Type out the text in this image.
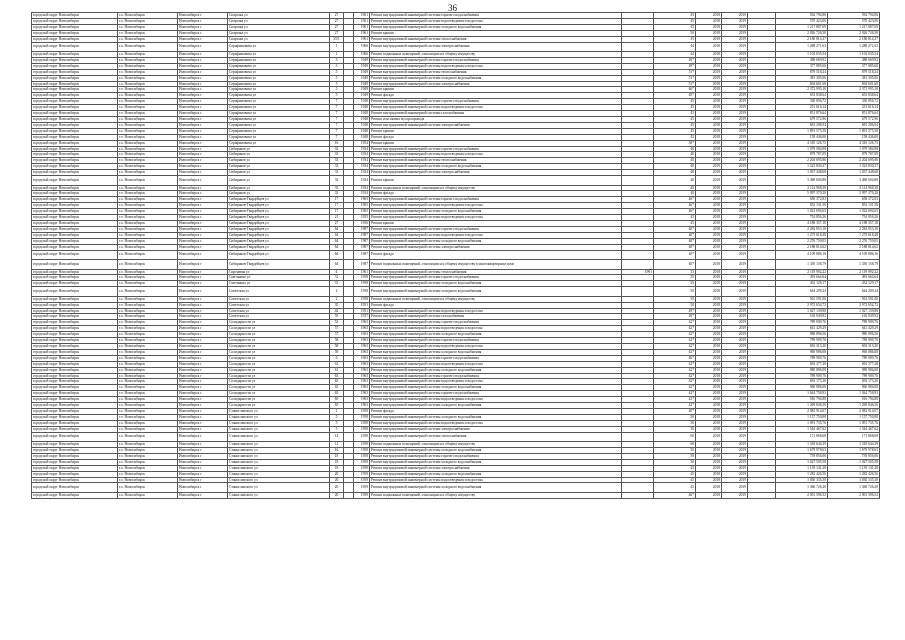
36
городской округ Новосибирск	г.о. Новосибирск	Новосибирск г	Спартака ул	27		1961	Ремонт внутридомовой инженерной системы горячего водоснабжения		45	2018	2019		592 794,86	592 794,86
городской округ Новосибирск	г.о. Новосибирск	Новосибирск г	Спартака ул	27		1961	Ремонт внутридомовой инженерной системы водоотведения и водостока		45	2018	2019		570 423,06	570 423,06
городской округ Новосибирск	г.о. Новосибирск	Новосибирск г	Спартака ул	27		1961	Ремонт внутридомовой инженерной системы холодного водоснабжения		45	2018	2019		1 217 887,69	1 217 887,69
городской округ Новосибирск	г.о. Новосибирск	Новосибирск г	Спартака ул	27		1961	Ремонт крыши		50	2018	2019		2 026 726,58	2 026 726,58
городской округ Новосибирск	г.о. Новосибирск	Новосибирск г	Спартака ул	35/1		1961	Ремонт внутридомовой инженерной системы теплоснабжения		35	2019	2019		2 180 814,37	2 180 814,37
городской округ Новосибирск	г.о. Новосибирск	Новосибирск г	Серафимовича ул	1		1966	Ремонт внутридомовой инженерной системы электроснабжения		44	2018	2019		1 288 271,63	1 288 271,63
городской округ Новосибирск	г.о. Новосибирск	Новосибирск г	Серафимовича ул	1		1966	Ремонт подвальных помещений, относящихся к общему имуществу		44	2018	2019		1 102 035,54	1 102 035,54
городской округ Новосибирск	г.о. Новосибирск	Новосибирск г	Серафимовича ул	3		1949	Ремонт внутридомовой инженерной системы горячего водоснабжения		49*	2018	2019		388 669,92	388 669,92
городской округ Новосибирск	г.о. Новосибирск	Новосибирск г	Серафимовича ул	3		1949	Ремонт внутридомовой инженерной системы водоотведения и водостока		49*	2018	2019		377 885,60	377 885,60
городской округ Новосибирск	г.о. Новосибирск	Новосибирск г	Серафимовича ул	5		1949	Ремонт внутридомовой инженерной системы теплоснабжения		51*	2019	2019		879 518,24	879 518,24
городской округ Новосибирск	г.о. Новосибирск	Новосибирск г	Серафимовича ул	5		1949	Ремонт внутридомовой инженерной системы холодного водоснабжения		51*	2019	2019		381 305,06	381 305,06
городской округ Новосибирск	г.о. Новосибирск	Новосибирск г	Серафимовича ул	5		1949	Ремонт внутридомовой инженерной системы электроснабжения		51*	2018	2019		694 601,68	694 601,68
городской округ Новосибирск	г.о. Новосибирск	Новосибирск г	Серафимовича ул	5		1949	Ремонт крыши		46*	2018	2019		2 372 995,10	2 372 995,10
городской округ Новосибирск	г.о. Новосибирск	Новосибирск г	Серафимовича ул	5		1949	Ремонт фасада		49*	2018	2019		653 838,64	653 838,64
городской округ Новосибирск	г.о. Новосибирск	Новосибирск г	Серафимовича ул	7		1948	Ремонт внутридомовой инженерной системы горячего водоснабжения		45	2018	2019		330 856,72	330 856,72
городской округ Новосибирск	г.о. Новосибирск	Новосибирск г	Серафимовича ул	7		1948	Ремонт внутридомовой инженерной системы водоотведения и водостока		45	2018	2019		251 616,14	251 616,14
городской округ Новосибирск	г.о. Новосибирск	Новосибирск г	Серафимовича ул	7		1948	Ремонт внутридомовой инженерной системы газоснабжения		45	2018	2019		851 876,64	851 876,64
городской округ Новосибирск	г.о. Новосибирск	Новосибирск г	Серафимовича ул	7		1948	Ремонт или замена мусоропровода		45	2018	2019		679 572,96	679 572,96
городской округ Новосибирск	г.о. Новосибирск	Новосибирск г	Серафимовича ул	7		1948	Ремонт внутридомовой инженерной системы электроснабжения		45	2018	2019		681 206,94	681 206,94
городской округ Новосибирск	г.о. Новосибирск	Новосибирск г	Серафимовича ул	7		1948	Ремонт крыши		45	2018	2019		1 891 575,58	1 891 575,58
городской округ Новосибирск	г.о. Новосибирск	Новосибирск г	Серафимовича ул	7		1948	Ремонт фасада		45	2018	2019		158 446,08	158 446,08
городской округ Новосибирск	г.о. Новосибирск	Новосибирск г	Серафимовича ул	16		1954	Ремонт крыши		30*	2018	2019		4 310 126,75	4 310 126,75
городской округ Новосибирск	г.о. Новосибирск	Новосибирск г	Сибиряков ул	33		1934	Ремонт внутридомовой инженерной системы горячего водоснабжения		40	2018	2019		1 079 584,98	1 079 584,98
городской округ Новосибирск	г.о. Новосибирск	Новосибирск г	Сибиряков ул	33		1934	Ремонт внутридомовой инженерной системы водоотведения и водостока		40	2018	2019		879 787,09	879 787,09
городской округ Новосибирск	г.о. Новосибирск	Новосибирск г	Сибиряков ул	33		1934	Ремонт внутридомовой инженерной системы теплоснабжения		40	2018	2019		2 204 695,86	2 204 695,86
городской округ Новосибирск	г.о. Новосибирск	Новосибирск г	Сибиряков ул	33		1934	Ремонт внутридомовой инженерной системы холодного водоснабжения		40	2019	2019		1 323 830,37	1 323 830,37
городской округ Новосибирск	г.о. Новосибирск	Новосибирск г	Сибиряков ул	33		1934	Ремонт внутридомовой инженерной системы электроснабжения		40	2018	2019		1 037 448,68	1 037 448,68
городской округ Новосибирск	г.о. Новосибирск	Новосибирск г	Сибиряков ул	33		1934	Ремонт крыши		40	2018	2019		3 468 604,80	3 468 604,80
городской округ Новосибирск	г.о. Новосибирск	Новосибирск г	Сибиряков ул	33		1934	Ремонт подвальных помещений, относящихся к общему имуществу		40	2018	2019		2 114 968,38	2 114 968,38
городской округ Новосибирск	г.о. Новосибирск	Новосибирск г	Сибиряков ул	33		1934	Ремонт фасада		40	2018	2019		5 997 370,28	5 997 370,28
городской округ Новосибирск	г.о. Новосибирск	Новосибирск г	Сибиряков-Гвардейцев ул	17		1965	Ремонт внутридомовой инженерной системы горячего водоснабжения		46*	2018	2019		658 372,83	658 372,83
городской округ Новосибирск	г.о. Новосибирск	Новосибирск г	Сибиряков-Гвардейцев ул	17		1965	Ремонт внутридомовой инженерной системы водоотведения и водостока		46*	2018	2019		852 131,56	852 131,56
городской округ Новосибирск	г.о. Новосибирск	Новосибирск г	Сибиряков-Гвардейцев ул	17		1965	Ремонт внутридомовой инженерной системы холодного водоснабжения		46*	2018	2019		1 022 694,65	1 022 694,65
городской округ Новосибирск	г.о. Новосибирск	Новосибирск г	Сибиряков-Гвардейцев ул	21		1955	Ремонт внутридомовой инженерной системы водоотведения и водостока		45	2018	2019		754 856,26	754 856,26
городской округ Новосибирск	г.о. Новосибирск	Новосибирск г	Сибиряков-Гвардейцев ул	27		1956	Ремонт крыши		45	2018	2019		4 188 357,18	4 188 357,18
городской округ Новосибирск	г.о. Новосибирск	Новосибирск г	Сибиряков-Гвардейцев ул	64		1987	Ремонт внутридомовой инженерной системы горячего водоснабжения		40*	2018	2019		2 284 853,18	2 284 853,18
городской округ Новосибирск	г.о. Новосибирск	Новосибирск г	Сибиряков-Гвардейцев ул	64		1987	Ремонт внутридомовой инженерной системы водоотведения и водостока		40*	2018	2019		1 275 618,48	1 275 618,48
городской округ Новосибирск	г.о. Новосибирск	Новосибирск г	Сибиряков-Гвардейцев ул	64		1987	Ремонт внутридомовой инженерной системы холодного водоснабжения		40*	2018	2019		2 276 759,05	2 276 759,05
городской округ Новосибирск	г.о. Новосибирск	Новосибирск г	Сибиряков-Гвардейцев ул	64		1987	Ремонт внутридомовой инженерной системы электроснабжения		40*	2018	2019		2 188 814,62	2 188 814,62
городской округ Новосибирск	г.о. Новосибирск	Новосибирск г	Сибиряков-Гвардейцев ул	64		1987	Ремонт фасада		40*	2018	2019		4 109 886,16	4 109 886,16
городской округ Новосибирск	г.о. Новосибирск	Новосибирск г	Сибиряков-Гвардейцев ул	64		1987	Ремонт подвальных помещений, относящихся к общему имуществу в многоквартирном доме		40*	2018	2019		1 350 158,79	1 350 158,79
городской округ Новосибирск	г.о. Новосибирск	Новосибирск г	Сиреневая ул	4		1961	Ремонт внутридомовой инженерной системы теплоснабжения	1991	53	2018	2019		2 119 992,22	2 119 992,22
городской округ Новосибирск	г.о. Новосибирск	Новосибирск г	Сметанина ул	31		1958	Ремонт внутридомовой инженерной системы горячего водоснабжения		50	2018	2019		493 664,64	493 664,64
городской округ Новосибирск	г.о. Новосибирск	Новосибирск г	Сметанина ул	31		1958	Ремонт внутридомовой инженерной системы холодного водоснабжения		50	2018	2019		432 129,17	432 129,17
городской округ Новосибирск	г.о. Новосибирск	Новосибирск г	Советская ул	2		1958	Ремонт внутридомовой инженерной системы холодного водоснабжения		50	2018	2019		644 209,24	644 209,24
городской округ Новосибирск	г.о. Новосибирск	Новосибирск г	Советская ул	2		1958	Ремонт подвальных помещений, относящихся к общему имуществу		50	2018	2019		561 591,00	561 591,00
городской округ Новосибирск	г.о. Новосибирск	Новосибирск г	Советская ул	35		1951	Ремонт фасада		50	2018	2019		2 972 654,72	2 972 654,72
городской округ Новосибирск	г.о. Новосибирск	Новосибирск г	Советская ул	44		1951	Ремонт внутридомовой инженерной системы водоотведения и водостока		49*	2018	2019		1 027 139,88	1 027 139,88
городской округ Новосибирск	г.о. Новосибирск	Новосибирск г	Советская ул	55		1937	Ремонт внутридомовой инженерной системы газоснабжения		49*	2018	2019		165 949,92	165 949,92
городской округ Новосибирск	г.о. Новосибирск	Новосибирск г	Солидарности ул	53		1963	Ремонт внутридомовой инженерной системы горячего водоснабжения		42*	2018	2019		789 909,76	789 909,76
городской округ Новосибирск	г.о. Новосибирск	Новосибирск г	Солидарности ул	57		1963	Ремонт внутридомовой инженерной системы водоотведения и водостока		42*	2018	2019		641 429,29	641 429,29
городской округ Новосибирск	г.о. Новосибирск	Новосибирск г	Солидарности ул	57		1963	Ремонт внутридомовой инженерной системы холодного водоснабжения		42*	2018	2019		980 896,56	980 896,56
городской округ Новосибирск	г.о. Новосибирск	Новосибирск г	Солидарности ул	58		1963	Ремонт внутридомовой инженерной системы горячего водоснабжения		42*	2018	2019		789 909,76	789 909,76
городской округ Новосибирск	г.о. Новосибирск	Новосибирск г	Солидарности ул	58		1963	Ремонт внутридомовой инженерной системы водоотведения и водостока		42*	2018	2019		692 313,20	692 313,20
городской округ Новосибирск	г.о. Новосибирск	Новосибирск г	Солидарности ул	59		1963	Ремонт внутридомовой инженерной системы холодного водоснабжения		42*	2018	2019		960 886,08	960 886,08
городской округ Новосибирск	г.о. Новосибирск	Новосибирск г	Солидарности ул	6		1963	Ремонт внутридомовой инженерной системы горячего водоснабжения		46*	2018	2019		789 909,76	789 909,76
городской округ Новосибирск	г.о. Новосибирск	Новосибирск г	Солидарности ул	61		1963	Ремонт внутридомовой инженерной системы водоотведения и водостока		42*	2018	2019		692 377,28	692 377,28
городской округ Новосибирск	г.о. Новосибирск	Новосибирск г	Солидарности ул	61		1963	Ремонт внутридомовой инженерной системы холодного водоснабжения		42*	2018	2019		980 886,08	980 886,08
городской округ Новосибирск	г.о. Новосибирск	Новосибирск г	Солидарности ул	63		1963	Ремонт внутридомовой инженерной системы горячего водоснабжения		42*	2018	2019		789 909,76	789 909,76
городской округ Новосибирск	г.о. Новосибирск	Новосибирск г	Солидарности ул	63		1963	Ремонт внутридомовой инженерной системы водоотведения и водостока		42*	2018	2019		692 173,20	692 173,20
городской округ Новосибирск	г.о. Новосибирск	Новосибирск г	Солидарности ул	63		1963	Ремонт внутридомовой инженерной системы холодного водоснабжения		42*	2018	2019		960 886,08	960 886,08
городской округ Новосибирск	г.о. Новосибирск	Новосибирск г	Солидарности ул	65		1963	Ремонт внутридомовой инженерной системы горячего водоснабжения		42*	2018	2019		1 044 758,93	1 044 758,93
городской округ Новосибирск	г.о. Новосибирск	Новосибирск г	Солидарности ул	65		1963	Ремонт внутридомовой инженерной системы водоотведения и водостока		42*	2018	2019		916 794,88	916 794,88
городской округ Новосибирск	г.о. Новосибирск	Новосибирск г	Солидарности ул	65		1963	Ремонт внутридомовой инженерной системы холодного водоснабжения		42*	2018	2019		1 269 846,56	1 269 846,56
городской округ Новосибирск	г.о. Новосибирск	Новосибирск г	Станиславского ул	1		1958	Ремонт фасада		40*	2018	2019		2 082 914,07	2 082 914,07
городской округ Новосибирск	г.о. Новосибирск	Новосибирск г	Станиславского ул	5		1958	Ремонт внутридомовой инженерной системы холодного водоснабжения		50	2018	2019		1 157 750,88	1 157 750,88
городской округ Новосибирск	г.о. Новосибирск	Новосибирск г	Станиславского ул	5		1958	Ремонт внутридомовой инженерной системы водоотведения и водостока		50	2018	2019		1 091 735,76	1 091 735,76
городской округ Новосибирск	г.о. Новосибирск	Новосибирск г	Станиславского ул	5		1958	Ремонт внутридомовой инженерной системы электроснабжения		50	2018	2019		1 544 467,62	1 544 467,62
городской округ Новосибирск	г.о. Новосибирск	Новосибирск г	Станиславского ул	12		1958	Ремонт внутридомовой инженерной системы теплоснабжения		60	2018	2019		171 868,68	171 868,68
городской округ Новосибирск	г.о. Новосибирск	Новосибирск г	Станиславского ул	12		1958	Ремонт подвальных помещений, относящихся к общему имуществу		60	2018	2019		1 318 644,39	1 318 644,39
городской округ Новосибирск	г.о. Новосибирск	Новосибирск г	Станиславского ул	16		1958	Ремонт внутридомовой инженерной системы холодного водоснабжения		50	2018	2019		1 679 978,63	1 679 978,63
городской округ Новосибирск	г.о. Новосибирск	Новосибирск г	Станиславского ул	18		1958	Ремонт внутридомовой инженерной системы горячего водоснабжения		50	2018	2019		739 856,06	739 856,06
городской округ Новосибирск	г.о. Новосибирск	Новосибирск г	Станиславского ул	18		1958	Ремонт внутридомовой инженерной системы холодного водоснабжения		50	2018	2019		1 027 505,58	1 027 505,58
городской округ Новосибирск	г.о. Новосибирск	Новосибирск г	Станиславского ул	18		1958	Ремонт внутридомовой инженерной системы электроснабжения		45	2018	2019		1 139 141,28	1 139 141,28
городской округ Новосибирск	г.о. Новосибирск	Новосибирск г	Станиславского ул	20		1959	Ремонт внутридомовой инженерной системы холодного водоснабжения		45	2018	2019		1 282 426,56	1 282 426,56
городской округ Новосибирск	г.о. Новосибирск	Новосибирск г	Станиславского ул	20		1959	Ремонт внутридомовой инженерной системы водоотведения и водостока		45	2018	2019		1 030 335,30	1 030 335,30
городской округ Новосибирск	г.о. Новосибирск	Новосибирск г	Станиславского ул	20		1959	Ремонт внутридомовой инженерной системы холодного водоснабжения		45	2018	2019		1 360 726,20	1 360 726,20
городской округ Новосибирск	г.о. Новосибирск	Новосибирск г	Станиславского ул	20		1959	Ремонт подвальных помещений, относящихся к общему имуществу		46*	2018	2019		2 001 596,52	2 001 596,52
